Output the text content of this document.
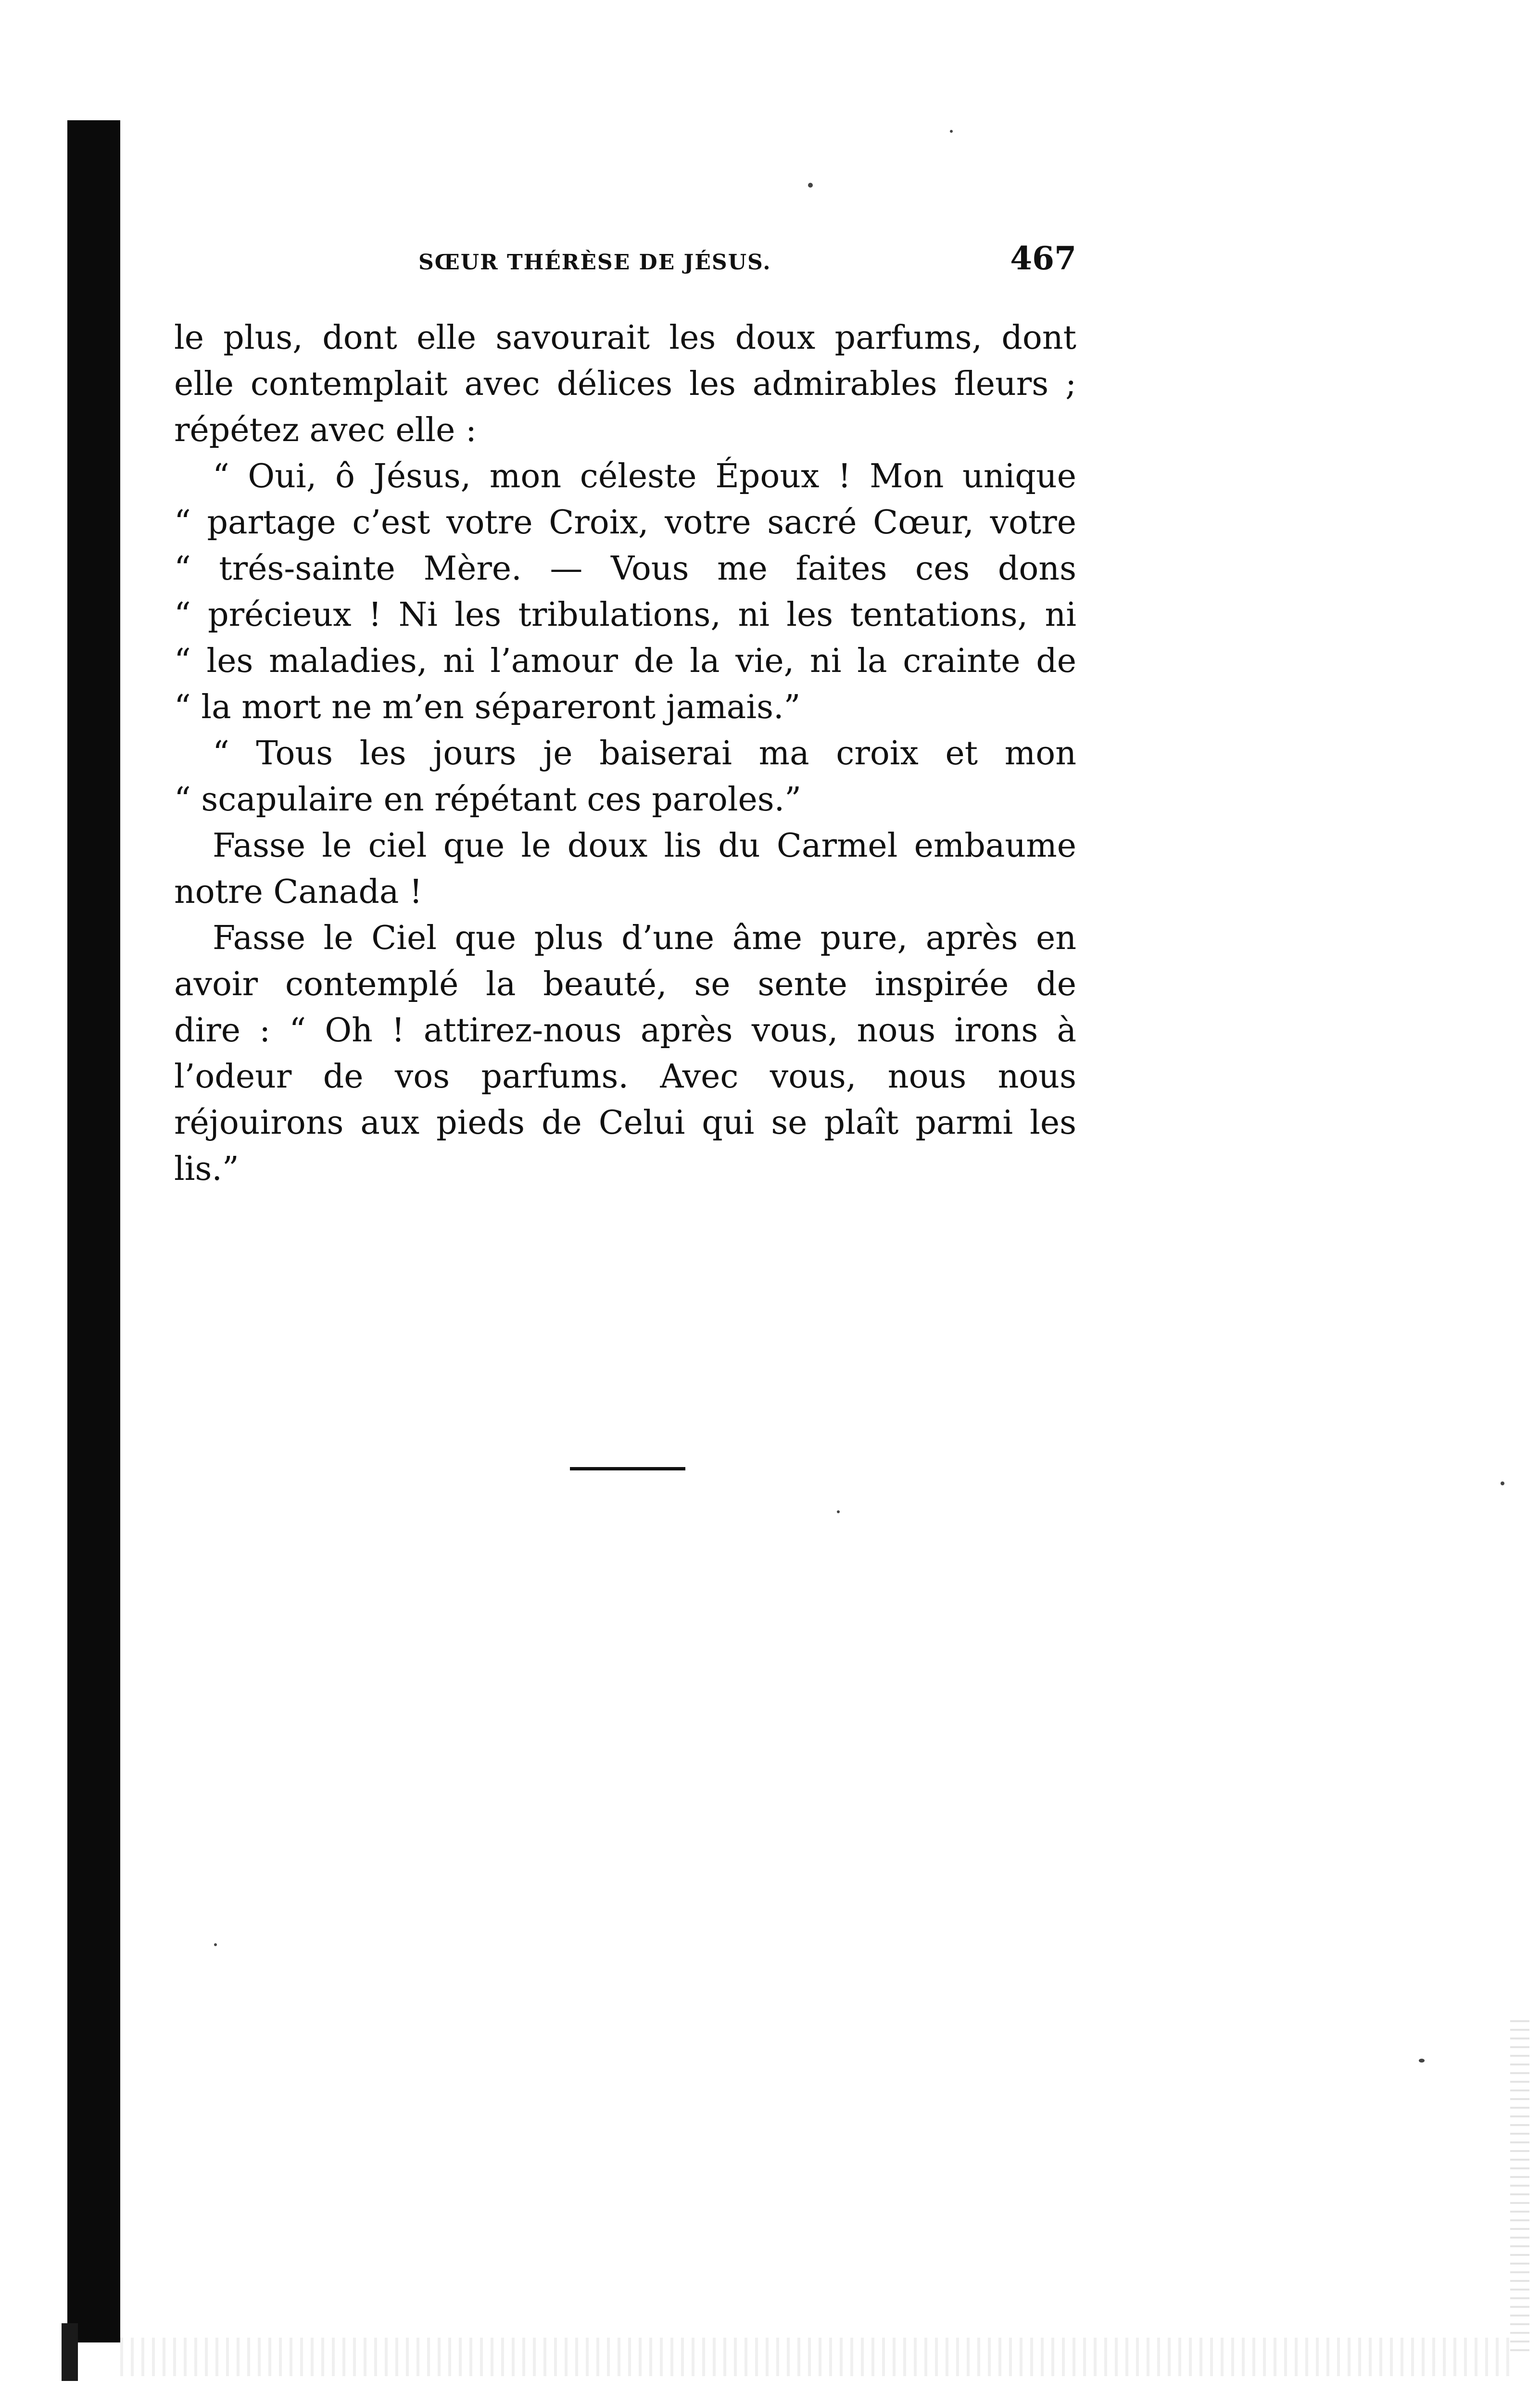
SŒUR THÉRÈSE DE JÉSUS.	467
le plus, dont elle savourait les doux parfums, dont
elle contemplait avec délices les admirables fleurs ;
répétez avec elle :
“ Oui, ô Jésus, mon céleste Époux ! Mon unique
“ partage c’est votre Croix, votre sacré Cœur, votre
“ trés-sainte Mère. — Vous me faites ces dons
“ précieux ! Ni les tribulations, ni les tentations, ni
“ les maladies, ni l’amour de la vie, ni la crainte de
“ la mort ne m’en sépareront jamais.”
“ Tous les jours je baiserai ma croix et mon
“ scapulaire en répétant ces paroles.”
Fasse le ciel que le doux lis du Carmel embaume
notre Canada !
Fasse le Ciel que plus d’une âme pure, après en
avoir contemplé la beauté, se sente inspirée de
dire : “ Oh ! attirez-nous après vous, nous irons à
l’odeur de vos parfums. Avec vous, nous nous
réjouirons aux pieds de Celui qui se plaît parmi les
lis.”
